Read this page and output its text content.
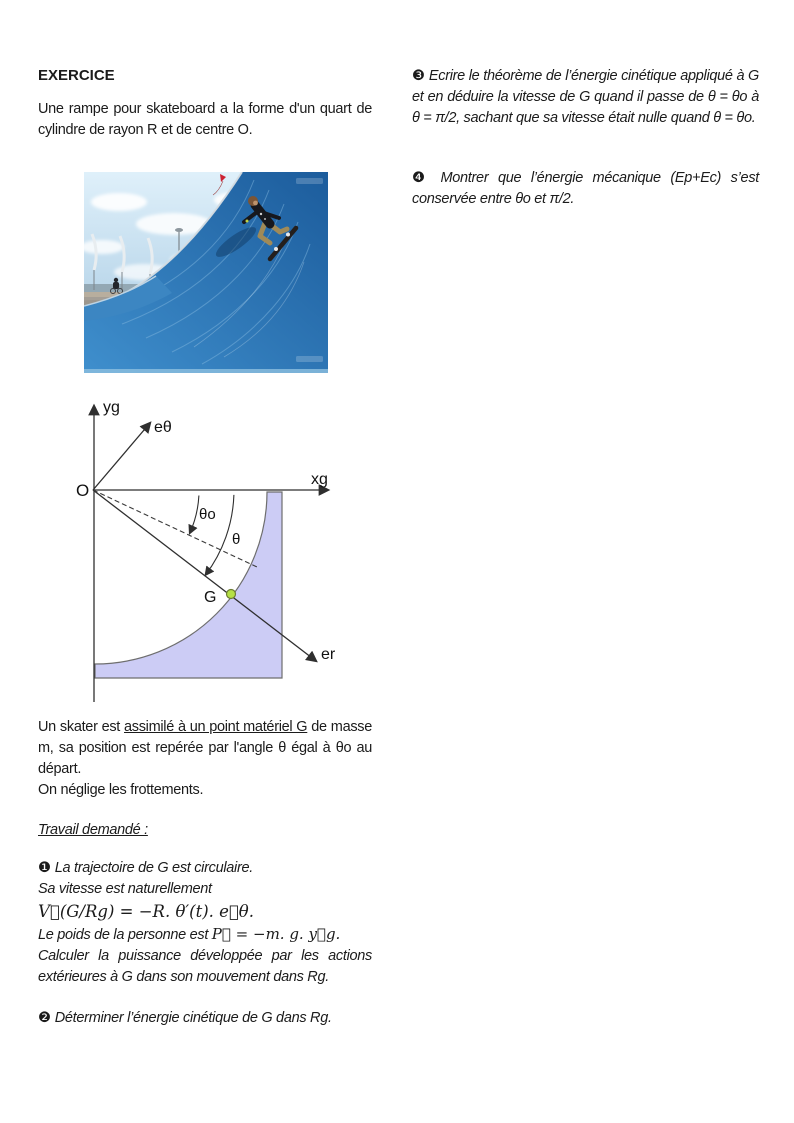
EXERCICE
Une rampe pour skateboard a la forme d'un quart de cylindre de rayon R et de centre O.
yg
xg
O
eθ
θo
θ
G
er

Un skater est assimilé à un point matériel G de masse m, sa position est repérée par l'angle θ égal à θo au départ.

On néglige les frottements.

Travail demandé :

❶ La trajectoire de G est circulaire.

Sa vitesse est naturellement

V⃗(G/Rg) = −R. θ′(t). e⃗θ.

Le poids de la personne est P⃗ = −m. g. y⃗g.

Calculer la puissance développée par les actions extérieures à G dans son mouvement dans Rg.

❷ Déterminer l’énergie cinétique de G dans Rg.

❸ Ecrire le théorème de l’énergie cinétique appliqué à G et en déduire la vitesse de G quand il passe de θ = θo à θ = π/2, sachant que sa vitesse était nulle quand θ = θo.

❹ Montrer que l’énergie mécanique (Ep+Ec) s’est conservée entre θo et π/2.
